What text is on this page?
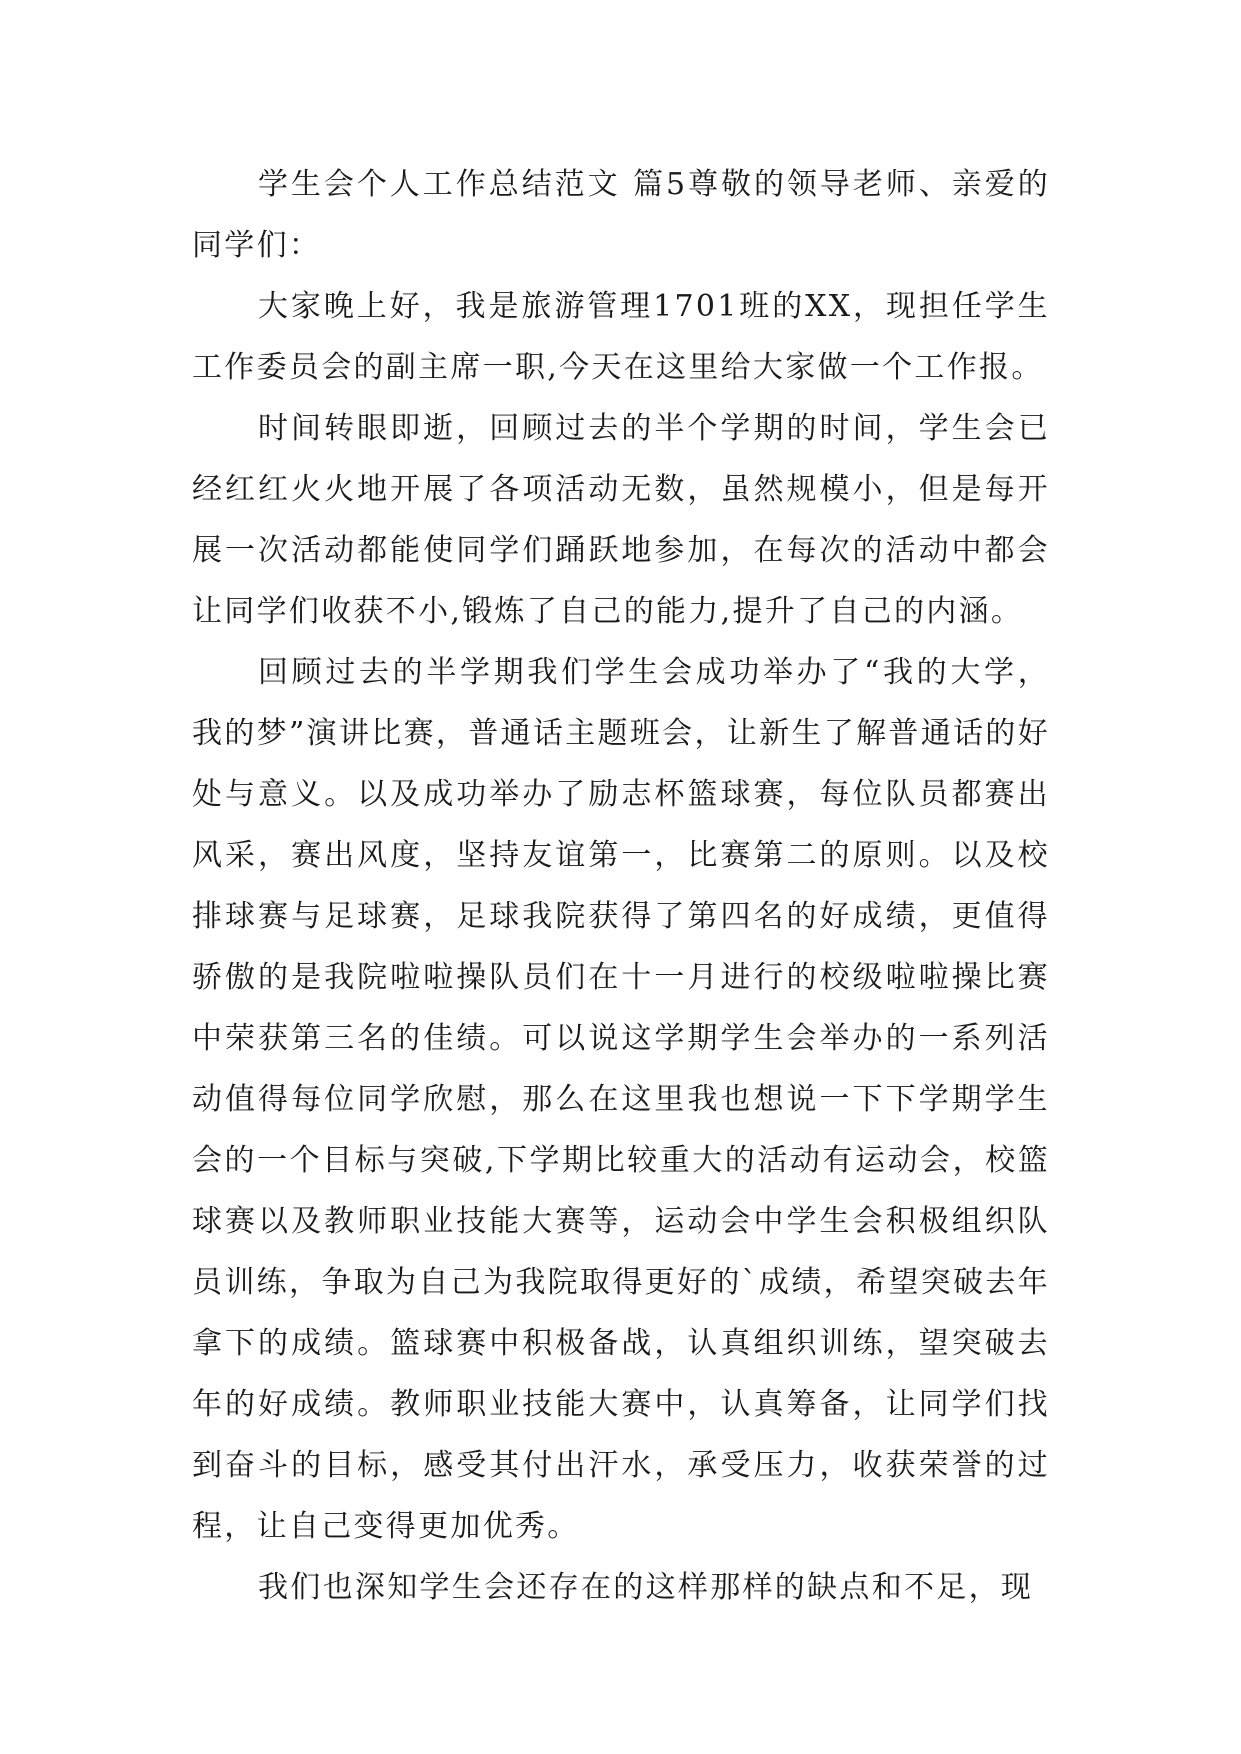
学生会个人工作总结范文 篇5尊敬的领导老师、亲爱的同学们：

大家晚上好，我是旅游管理1701班的XX，现担任学生工作委员会的副主席一职,今天在这里给大家做一个工作报。

时间转眼即逝，回顾过去的半个学期的时间，学生会已经红红火火地开展了各项活动无数，虽然规模小，但是每开展一次活动都能使同学们踊跃地参加，在每次的活动中都会让同学们收获不小,锻炼了自己的能力,提升了自己的内涵。

回顾过去的半学期我们学生会成功举办了“我的大学，我的梦”演讲比赛，普通话主题班会，让新生了解普通话的好处与意义。以及成功举办了励志杯篮球赛，每位队员都赛出风采，赛出风度，坚持友谊第一，比赛第二的原则。以及校排球赛与足球赛，足球我院获得了第四名的好成绩，更值得骄傲的是我院啦啦操队员们在十一月进行的校级啦啦操比赛中荣获第三名的佳绩。可以说这学期学生会举办的一系列活动值得每位同学欣慰，那么在这里我也想说一下下学期学生会的一个目标与突破,下学期比较重大的活动有运动会，校篮球赛以及教师职业技能大赛等，运动会中学生会积极组织队员训练，争取为自己为我院取得更好的`成绩，希望突破去年拿下的成绩。篮球赛中积极备战，认真组织训练，望突破去年的好成绩。教师职业技能大赛中，认真筹备，让同学们找到奋斗的目标，感受其付出汗水，承受压力，收获荣誉的过程，让自己变得更加优秀。

我们也深知学生会还存在的这样那样的缺点和不足，现
